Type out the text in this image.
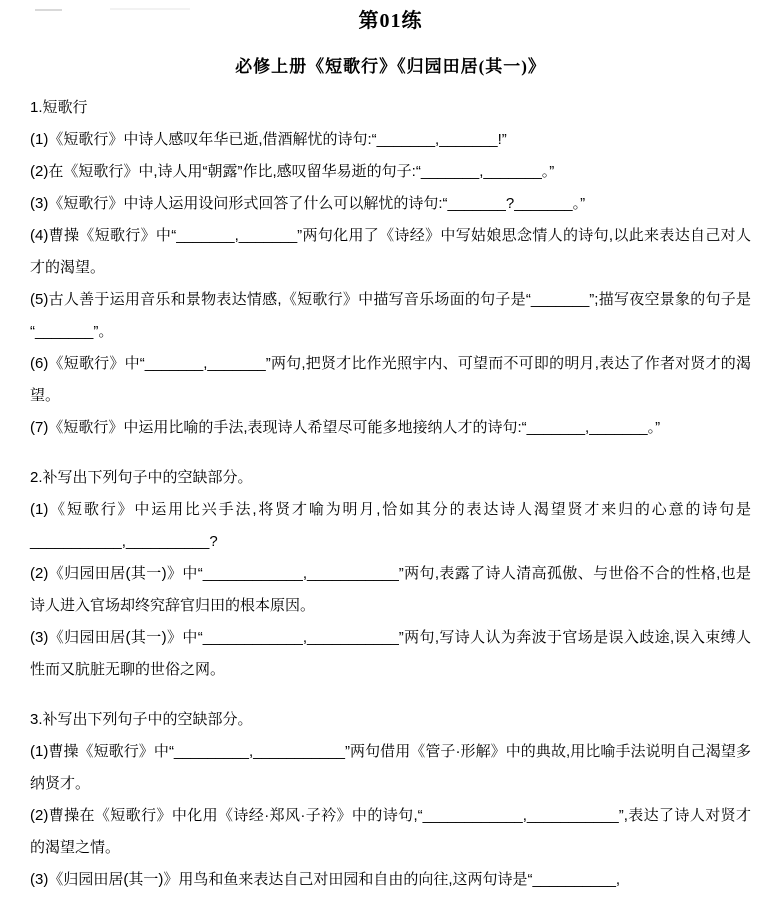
第01练
必修上册《短歌行》《归园田居(其一)》

1.短歌行

(1)《短歌行》中诗人感叹年华已逝,借酒解忧的诗句:“_______,_______!”

(2)在《短歌行》中,诗人用“朝露”作比,感叹留华易逝的句子:“_______,_______。”

(3)《短歌行》中诗人运用设问形式回答了什么可以解忧的诗句:“_______?_______。”

(4)曹操《短歌行》中“_______,_______”两句化用了《诗经》中写姑娘思念情人的诗句,以此来表达自己对人才的渴望。

(5)古人善于运用音乐和景物表达情感,《短歌行》中描写音乐场面的句子是“_______”;描写夜空景象的句子是“_______”。

(6)《短歌行》中“_______,_______”两句,把贤才比作光照宇内、可望而不可即的明月,表达了作者对贤才的渴望。

(7)《短歌行》中运用比喻的手法,表现诗人希望尽可能多地接纳人才的诗句:“_______,_______。”

2.补写出下列句子中的空缺部分。

(1)《短歌行》中运用比兴手法,将贤才喻为明月,恰如其分的表达诗人渴望贤才来归的心意的诗句是___________,__________?

(2)《归园田居(其一)》中“____________,___________”两句,表露了诗人清高孤傲、与世俗不合的性格,也是诗人进入官场却终究辞官归田的根本原因。

(3)《归园田居(其一)》中“____________,___________”两句,写诗人认为奔波于官场是误入歧途,误入束缚人性而又肮脏无聊的世俗之网。

3.补写出下列句子中的空缺部分。

(1)曹操《短歌行》中“_________,___________”两句借用《管子·形解》中的典故,用比喻手法说明自己渴望多纳贤才。

(2)曹操在《短歌行》中化用《诗经·郑风·子衿》中的诗句,“____________,___________”,表达了诗人对贤才的渴望之情。

(3)《归园田居(其一)》用鸟和鱼来表达自己对田园和自由的向往,这两句诗是“__________,
